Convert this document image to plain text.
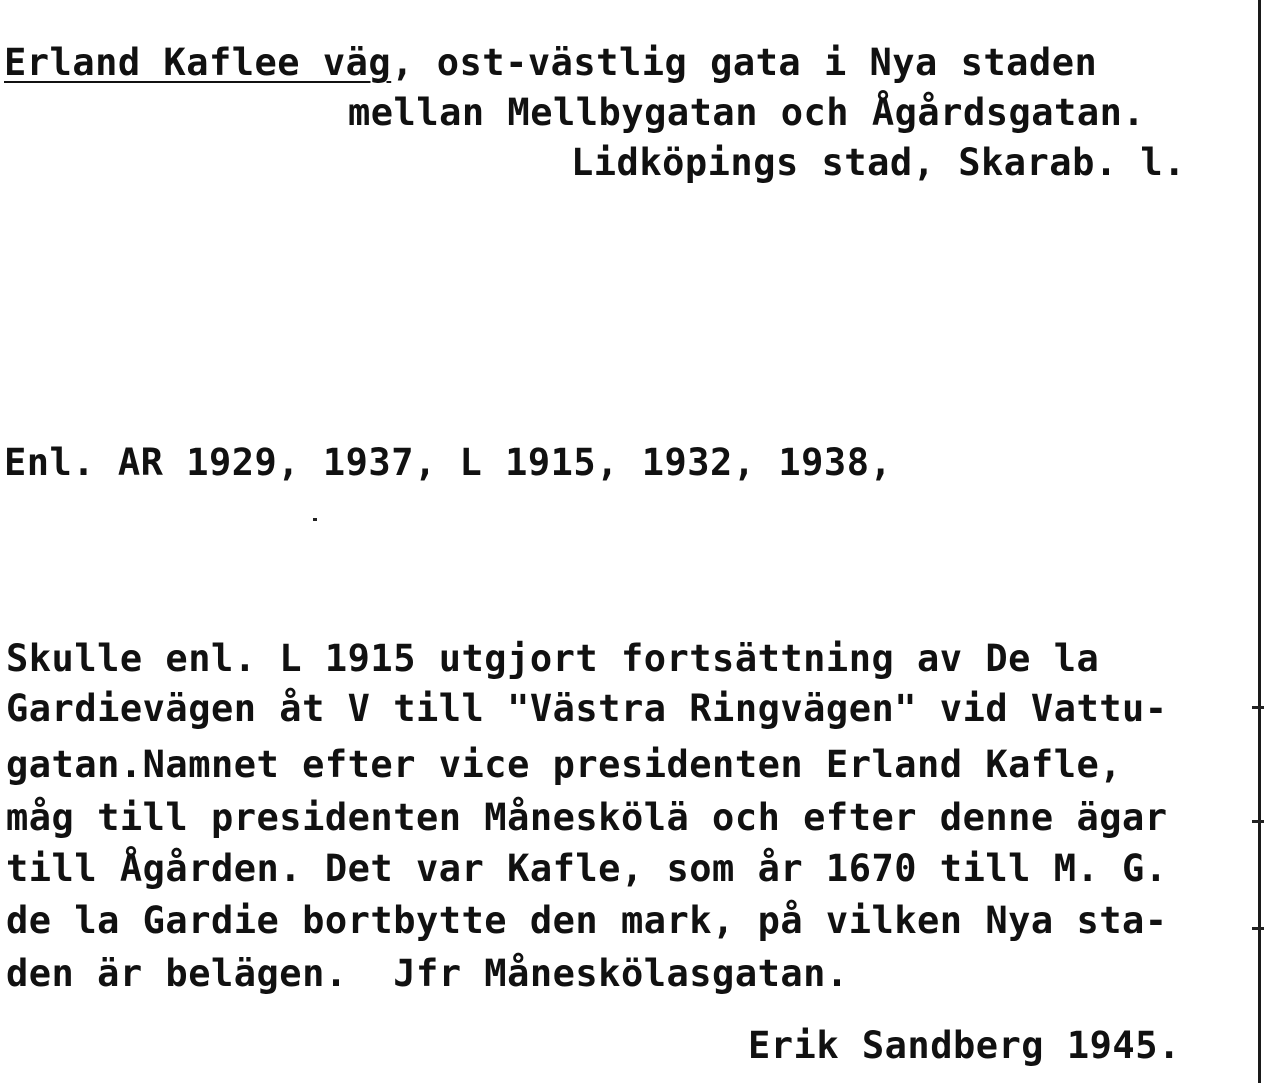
Erland Kaflee väg, ost-västlig gata i Nya staden
mellan Mellbygatan och Ågårdsgatan.
Lidköpings stad, Skarab. l.
Enl. AR 1929, 1937, L 1915, 1932, 1938,
Skulle enl. L 1915 utgjort fortsättning av De la
Gardievägen åt V till "Västra Ringvägen" vid Vattu-
gatan.Namnet efter vice presidenten Erland Kafle,
måg till presidenten Måneskölä och efter denne ägar
till Ågården. Det var Kafle, som år 1670 till M. G.
de la Gardie bortbytte den mark, på vilken Nya sta-
den är belägen.  Jfr Måneskölasgatan.
Erik Sandberg 1945.
